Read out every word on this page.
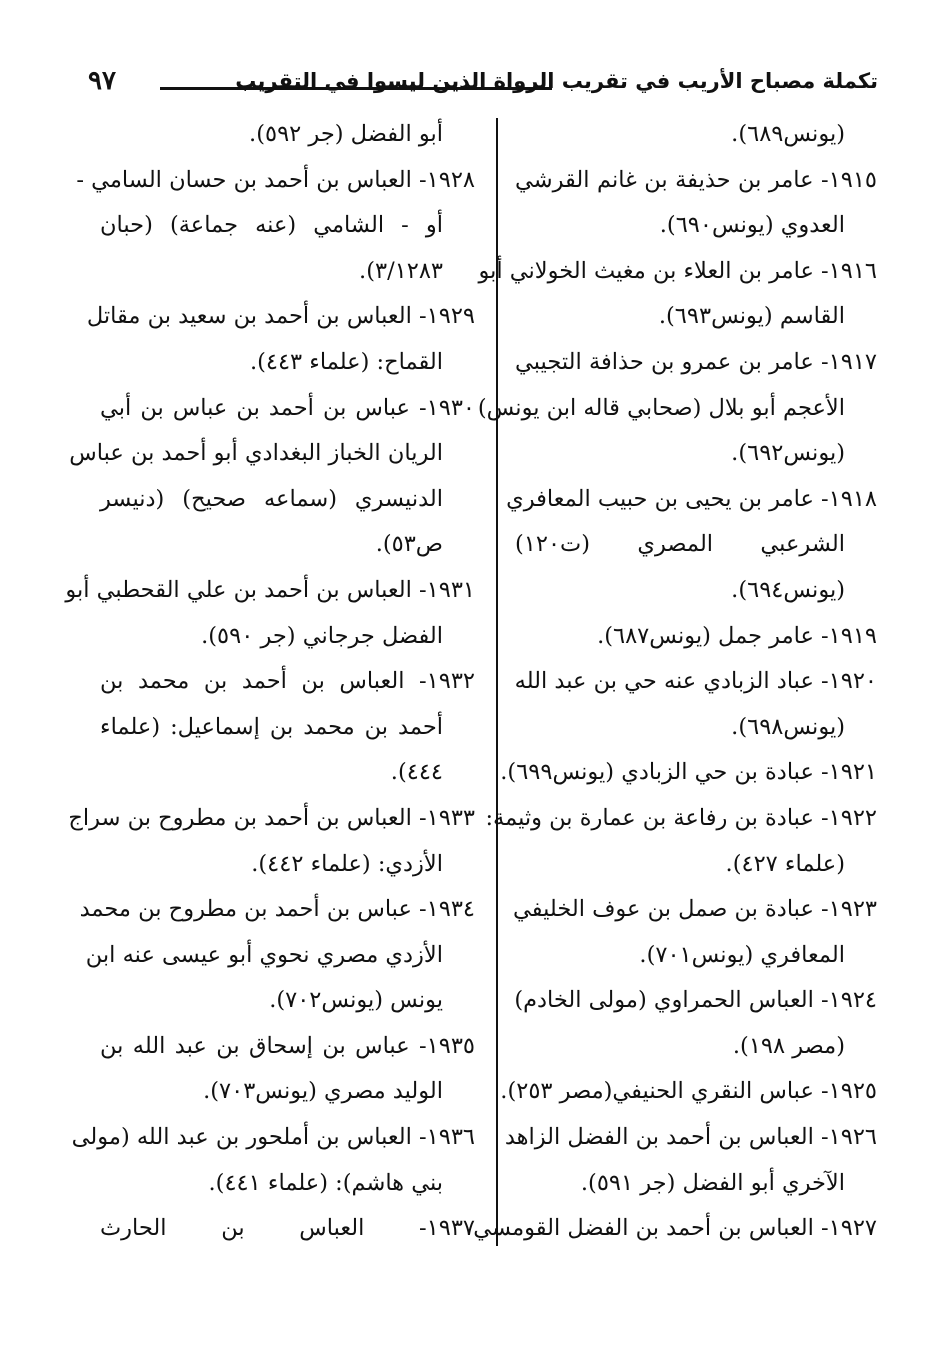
٩٧	تكملة مصباح الأريب في تقريب الرواة الذين ليسوا في التقريب
(يونس٦٨٩).
١٩١٥- عامر بن حذيفة بن غانم القرشي
العدوي (يونس٦٩٠).
١٩١٦- عامر بن العلاء بن مغيث الخولاني أبو
القاسم (يونس٦٩٣).
١٩١٧- عامر بن عمرو بن حذافة التجيبي
الأعجم أبو بلال (صحابي قاله ابن يونس)
(يونس٦٩٢).
١٩١٨- عامر بن يحيى بن حبيب المعافري
الشرعبي المصري (ت١٢٠)
(يونس٦٩٤).
١٩١٩- عامر جمل (يونس٦٨٧).
١٩٢٠- عباد الزبادي عنه حي بن عبد الله
(يونس٦٩٨).
١٩٢١- عبادة بن حي الزبادي (يونس٦٩٩).
١٩٢٢- عبادة بن رفاعة بن عمارة بن وثيمة:
(علماء ٤٢٧).
١٩٢٣- عبادة بن صمل بن عوف الخليفي
المعافري (يونس٧٠١).
١٩٢٤- العباس الحمراوي (مولى الخادم)
(مصر ١٩٨).
١٩٢٥- عباس النقري الحنيفي(مصر ٢٥٣).
١٩٢٦- العباس بن أحمد بن الفضل الزاهد
الآخري أبو الفضل (جر ٥٩١).
١٩٢٧- العباس بن أحمد بن الفضل القومسي
أبو الفضل (جر ٥٩٢).
١٩٢٨- العباس بن أحمد بن حسان السامي -
أو - الشامي (عنه جماعة) (حبان
٣/١٢٨٣).
١٩٢٩- العباس بن أحمد بن سعيد بن مقاتل
القماح: (علماء ٤٤٣).
١٩٣٠- عباس بن أحمد بن عباس بن أبي
الريان الخباز البغدادي أبو أحمد بن عباس
الدنيسري (سماعه صحيح) (دنيسر
ص٥٣).
١٩٣١- العباس بن أحمد بن علي القحطبي أبو
الفضل جرجاني (جر ٥٩٠).
١٩٣٢- العباس بن أحمد بن محمد بن
أحمد بن محمد بن إسماعيل: (علماء
٤٤٤).
١٩٣٣- العباس بن أحمد بن مطروح بن سراج
الأزدي: (علماء ٤٤٢).
١٩٣٤- عباس بن أحمد بن مطروح بن محمد
الأزدي مصري نحوي أبو عيسى عنه ابن
يونس (يونس٧٠٢).
١٩٣٥- عباس بن إسحاق بن عبد الله بن
الوليد مصري (يونس٧٠٣).
١٩٣٦- العباس بن أملحور بن عبد الله (مولى
بني هاشم): (علماء ٤٤١).
١٩٣٧- العباس بن الحارث
